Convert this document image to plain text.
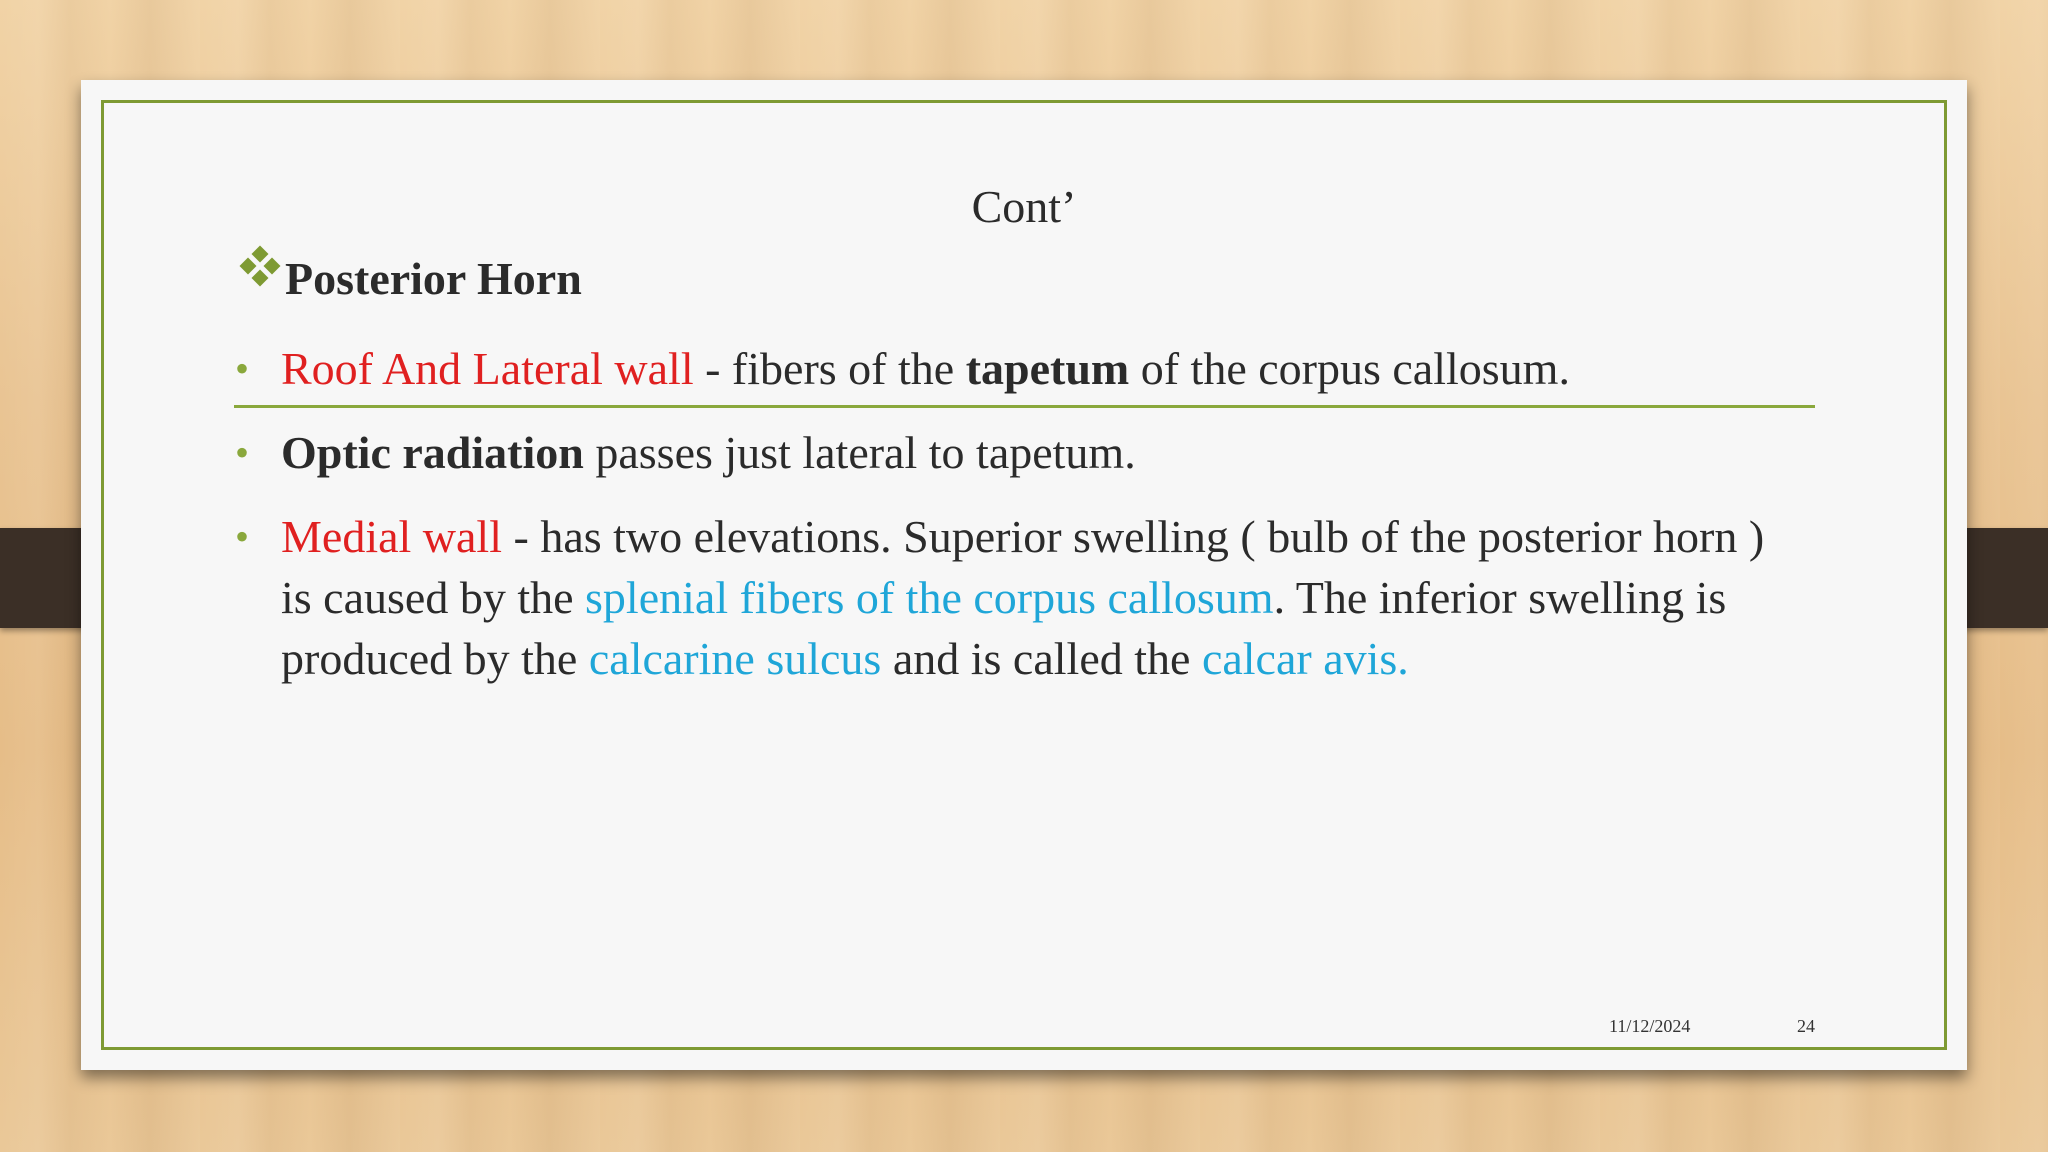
Cont’
Posterior Horn
• Roof And Lateral wall - fibers of the tapetum of the corpus callosum.
• Optic radiation passes just lateral to tapetum.
• Medial wall - has two elevations. Superior swelling ( bulb of the posterior horn ) is caused by the splenial fibers of the corpus callosum. The inferior swelling is produced by the calcarine sulcus and is called the calcar avis.
11/12/2024	24
